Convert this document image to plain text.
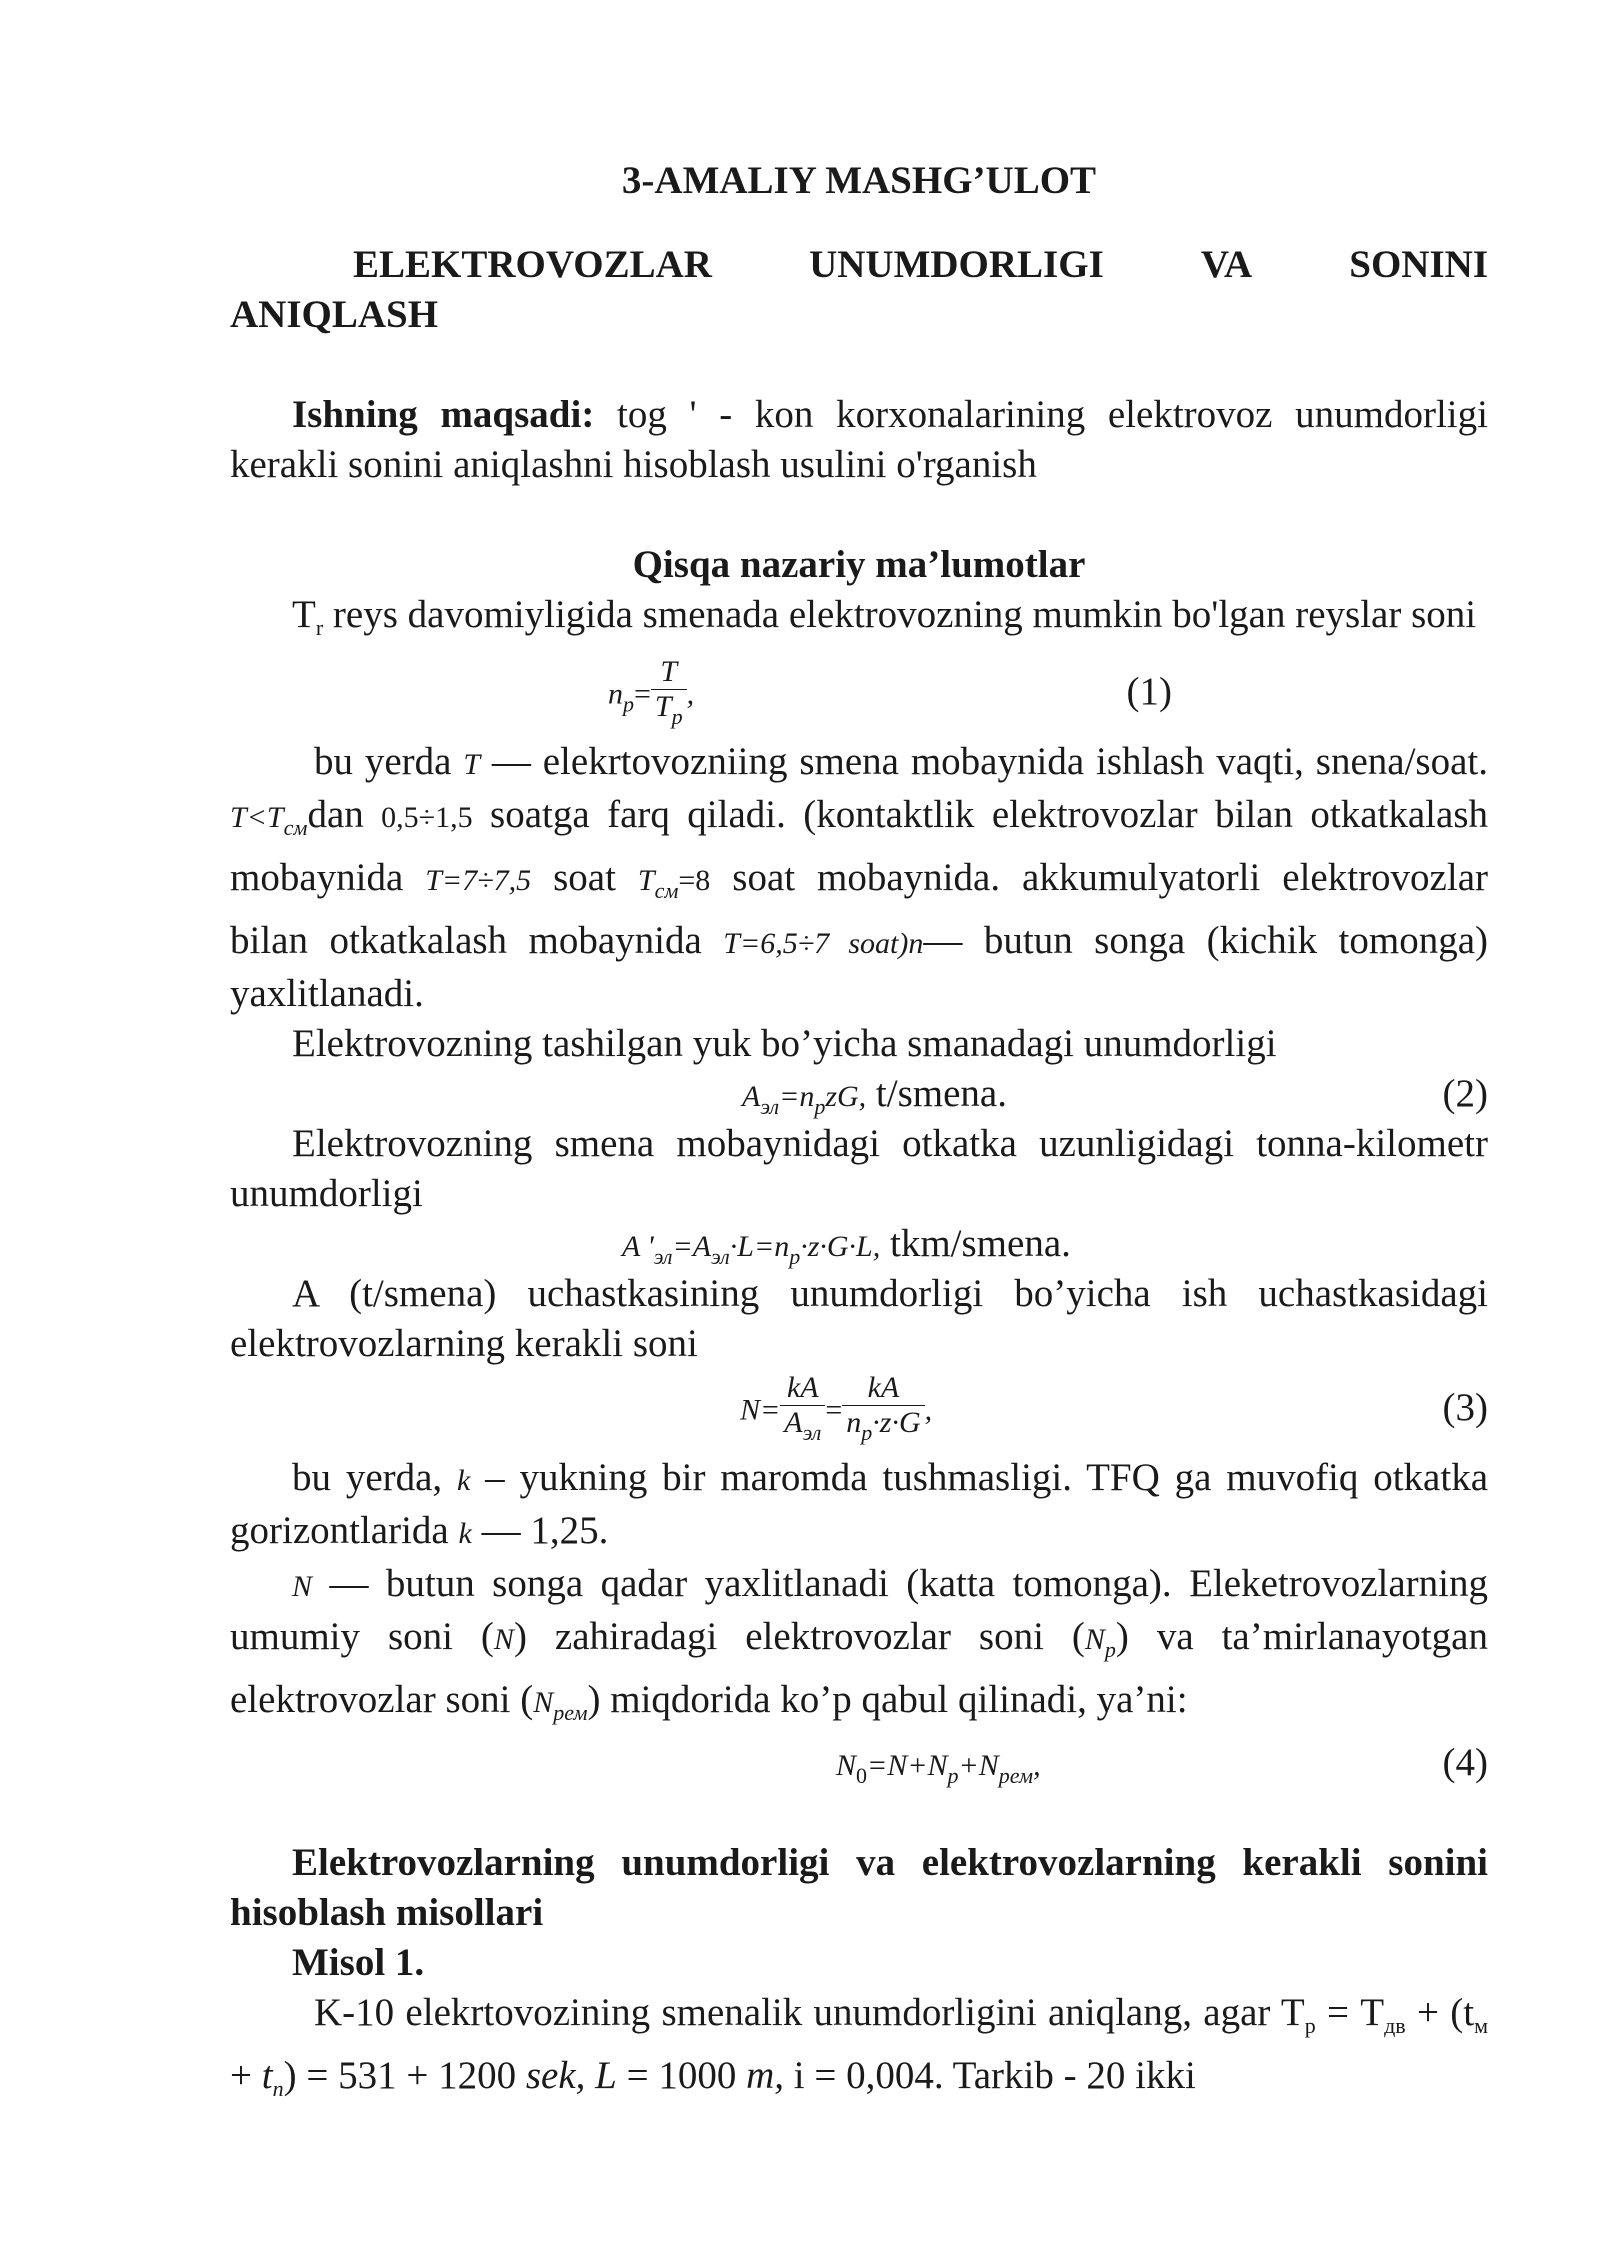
3-AMALIY MASHG’ULOT

ELEKTROVOZLAR UNUMDORLIGI VA SONINI

ANIQLASH

Ishning maqsadi: tog ' - kon korxonalarining elektrovoz unumdorligi kerakli sonini aniqlashni hisoblash usulini o'rganish

Qisqa nazariy ma’lumotlar

$T_r$ reys davomiyligida smenada elektrovozning mumkin bo'lgan reyslar soni

$n_p= \frac{T}{T_p}$ ,	(1)

bu yerda T — elekrtovozniing smena mobaynida ishlash vaqti, snena/soat. $T<T_{см}dan$ 0,5÷1,5 soatga farq qiladi. (kontaktlik elektrovozlar bilan otkatkalash mobaynida T=7÷7,5 soat $T_{см}=8$ soat mobaynida. akkumulyatorli elektrovozlar bilan otkatkalash mobaynida T=6,5÷7 soat)n— butun songa (kichik tomonga) yaxlitlanadi.

Elektrovozning tashilgan yuk bo’yicha smanadagi unumdorligi

$A_{эл}=n_pzG$, t/smena.	(2)

Elektrovozning smena mobaynidagi otkatka uzunligidagi tonna-kilometr unumdorligi

A '$_{эл}=A_{эл}\cdot L=n_p\cdot z\cdot G\cdot L$, tkm/smena.

A (t/smena) uchastkasining unumdorligi bo’yicha ish uchastkasidagi elektrovozlarning kerakli soni

$N= \frac{kA}{A_{эл}} = \frac{kA}{n_p\cdot z\cdot G}$ ,	(3)

bu yerda, k – yukning bir maromda tushmasligi. TFQ ga muvofiq otkatka gorizontlarida k — 1,25.

N — butun songa qadar yaxlitlanadi (katta tomonga). Eleketrovozlarning umumiy soni (N) zahiradagi elektrovozlar soni $(N_p)$ va ta’mirlanayotgan elektrovozlar soni $(N_{рем})$ miqdorida ko’p qabul qilinadi, ya’ni:

$N_0=N+N_p+N_{рем}$,	(4)

Elektrovozlarning unumdorligi va elektrovozlarning kerakli sonini hisoblash misollari

Misol 1.

K-10 elekrtovozining smenalik unumdorligini aniqlang, agar $T_р = T_{дв} + (t_м + t_n) = 531 + 1200$ sek, L = 1000 m, i = 0,004. Tarkib - 20 ikki
